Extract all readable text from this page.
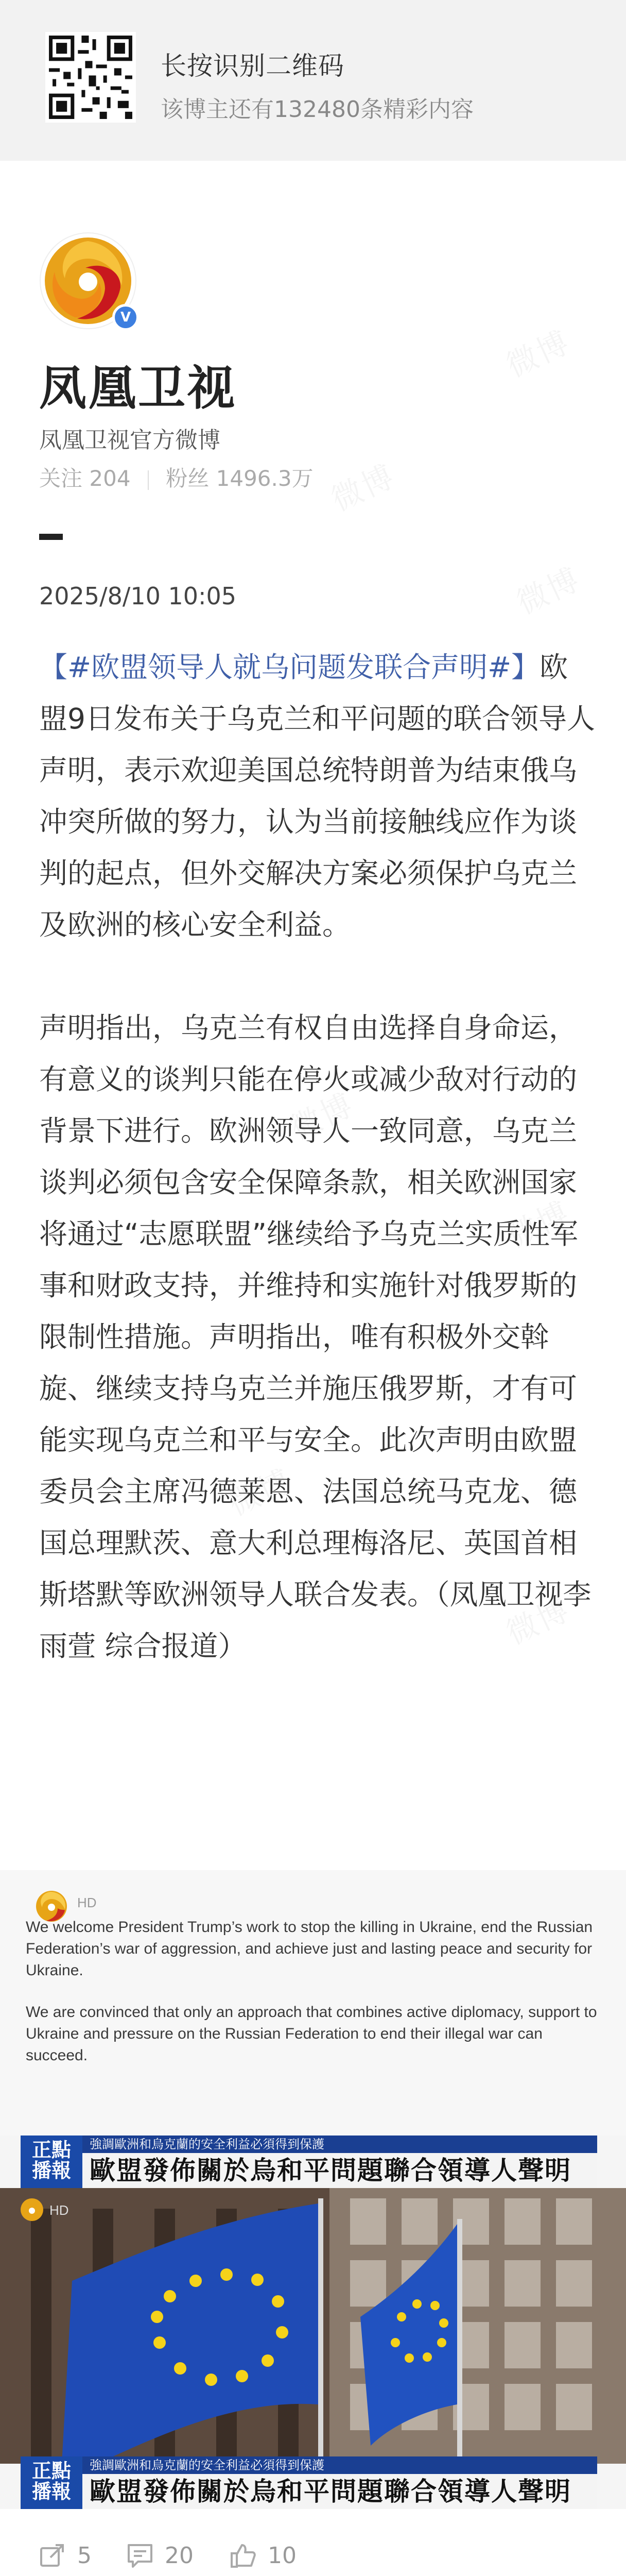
长按识别二维码
该博主还有132480条精彩内容
V
凤凰卫视
凤凰卫视官方微博
关注 204 粉丝 1496.3万
2025/8/10 10:05

【#欧盟领导人就乌问题发联合声明#】欧盟9日发布关于乌克兰和平问题的联合领导人声明，表示欢迎美国总统特朗普为结束俄乌冲突所做的努力，认为当前接触线应作为谈判的起点，但外交解决方案必须保护乌克兰及欧洲的核心安全利益。

声明指出，乌克兰有权自由选择自身命运，有意义的谈判只能在停火或减少敌对行动的背景下进行。欧洲领导人一致同意，乌克兰谈判必须包含安全保障条款，相关欧洲国家将通过“志愿联盟”继续给予乌克兰实质性军事和财政支持，并维持和实施针对俄罗斯的限制性措施。声明指出，唯有积极外交斡旋、继续支持乌克兰并施压俄罗斯，才有可能实现乌克兰和平与安全。此次声明由欧盟委员会主席冯德莱恩、法国总统马克龙、德国总理默茨、意大利总理梅洛尼、英国首相斯塔默等欧洲领导人联合发表。（凤凰卫视李雨萱 综合报道）

HD
We welcome President Trump’s work to stop the killing in Ukraine, end the Russian Federation’s war of aggression, and achieve just and lasting peace and security for Ukraine.
We are convinced that only an approach that combines active diplomacy, support to Ukraine and pressure on the Russian Federation to end their illegal war can succeed.
正點
播報
強調歐洲和烏克蘭的安全利益必須得到保護
歐盟發佈關於烏和平問題聯合領導人聲明
HD
正點
播報
強調歐洲和烏克蘭的安全利益必須得到保護
歐盟發佈關於烏和平問題聯合領導人聲明
5	20	10
